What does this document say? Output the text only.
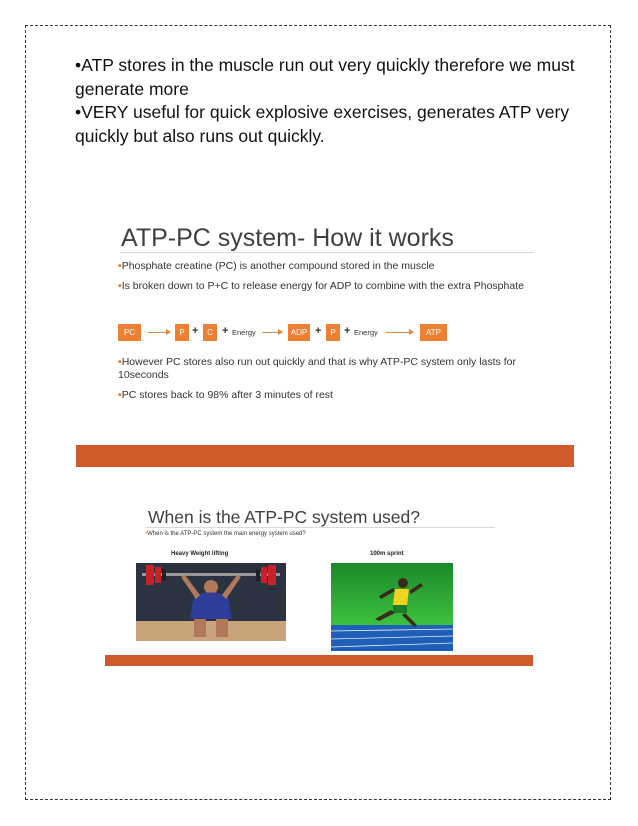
•ATP stores in the muscle run out very quickly therefore we must generate more

•VERY useful for quick explosive exercises, generates ATP very quickly but also runs out quickly.

ATP-PC system- How it works
•Phosphate creatine (PC) is another compound stored in the muscle
•Is broken down to P+C to release energy for ADP to combine with the extra Phosphate
PC	P +	C + Energy	ADP +	P + Energy	ATP
•However PC stores also run out quickly and that is why ATP-PC system only lasts for 10seconds
•PC stores back to 98% after 3 minutes of rest
When is the ATP-PC system used?
•When is the ATP-PC system the main energy system used?
Heavy Weight lifting	100m sprint
